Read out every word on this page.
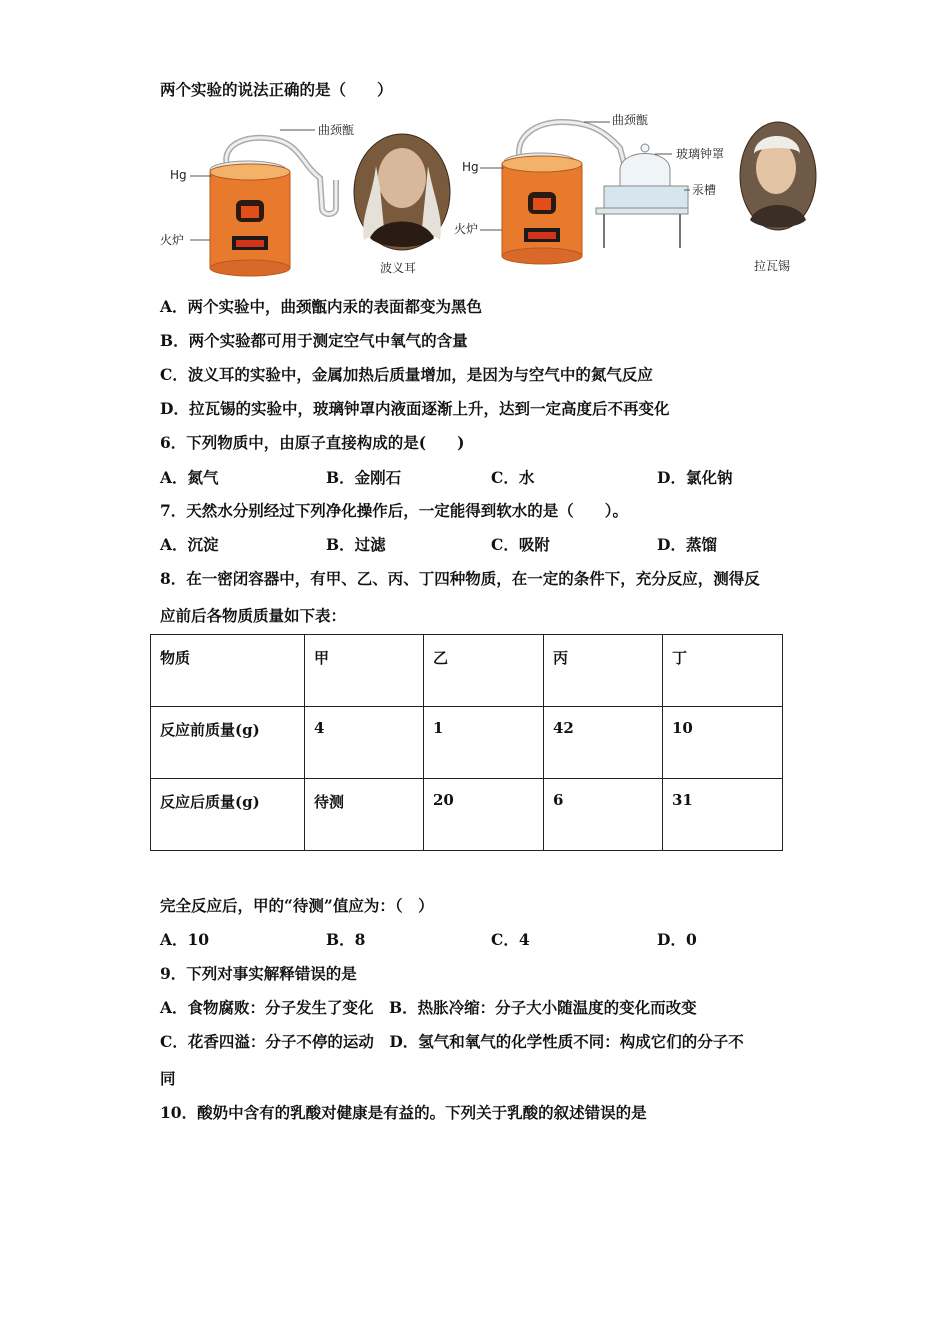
两个实验的说法正确的是（　　）
曲颈甑
Hg
火炉
波义耳
曲颈甑
玻璃钟罩
汞槽
Hg
火炉
拉瓦锡
A．两个实验中，曲颈甑内汞的表面都变为黑色
B．两个实验都可用于测定空气中氧气的含量
C．波义耳的实验中，金属加热后质量增加，是因为与空气中的氮气反应
D．拉瓦锡的实验中，玻璃钟罩内液面逐渐上升，达到一定高度后不再变化
6．下列物质中，由原子直接构成的是(　　)
A．氮气	B．金刚石	C．水	D．氯化钠
7．天然水分别经过下列净化操作后，一定能得到软水的是（　　）。
A．沉淀	B．过滤	C．吸附	D．蒸馏
8．在一密闭容器中，有甲、乙、丙、丁四种物质，在一定的条件下，充分反应，测得反
应前后各物质质量如下表：
物质	甲	乙	丙	丁
反应前质量(g)	4	1	42	10
反应后质量(g)	待测	20	6	31
完全反应后，甲的“待测”值应为：（　）
A．10	B．8	C．4	D．0
9．下列对事实解释错误的是
A．食物腐败：分子发生了变化　B．热胀冷缩：分子大小随温度的变化而改变
C．花香四溢：分子不停的运动　D．氢气和氧气的化学性质不同：构成它们的分子不
同
10．酸奶中含有的乳酸对健康是有益的。下列关于乳酸的叙述错误的是
